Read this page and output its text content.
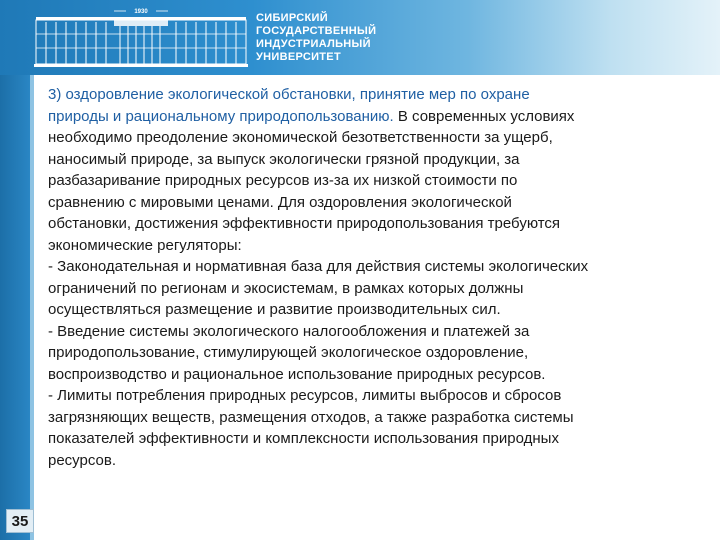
1930	СИБИРСКИЙ
ГОСУДАРСТВЕННЫЙ
ИНДУСТРИАЛЬНЫЙ
УНИВЕРСИТЕТ
3) оздоровление экологической обстановки, принятие мер по охране
природы и рациональному природопользованию. В современных условиях
необходимо преодоление экономической безответственности за ущерб,
наносимый природе, за выпуск экологически грязной продукции, за
разбазаривание природных ресурсов из-за их низкой стоимости по
сравнению с мировыми ценами. Для оздоровления экологической
обстановки, достижения эффективности природопользования требуются
экономические регуляторы:
- Законодательная и нормативная база для действия системы экологических
ограничений по регионам и экосистемам, в рамках которых должны
осуществляться размещение и развитие производительных сил.
- Введение системы экологического налогообложения и платежей за
природопользование, стимулирующей экологическое оздоровление,
воспроизводство и рациональное использование природных ресурсов.
- Лимиты потребления природных ресурсов, лимиты выбросов и сбросов
загрязняющих веществ, размещения отходов, а также разработка системы
показателей эффективности и комплексности использования природных
ресурсов.
35
